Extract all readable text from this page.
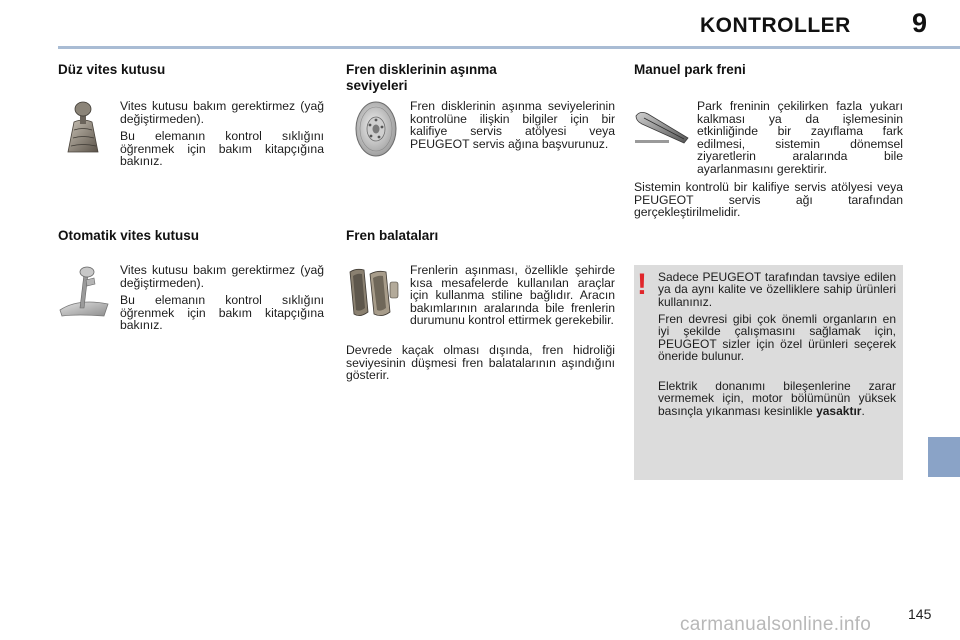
KONTROLLER 9
Düz vites kutusu

Vites kutusu bakım gerektirmez (yağ değiştirmeden).

Bu elemanın kontrol sıklığını öğrenmek için bakım kitapçığına bakınız.

Otomatik vites kutusu

Vites kutusu bakım gerektirmez (yağ değiştirmeden).

Bu elemanın kontrol sıklığını öğrenmek için bakım kitapçığına bakınız.

Fren disklerinin aşınma
seviyeleri

Fren disklerinin aşınma seviyelerinin kontrolüne ilişkin bilgiler için bir kalifiye servis atölyesi veya PEUGEOT servis ağına başvurunuz.

Fren balataları

Frenlerin aşınması, özellikle şehirde kısa mesafelerde kullanılan araçlar için kullanma stiline bağlıdır. Aracın bakımlarının aralarında bile frenlerin durumunu kontrol ettirmek gerekebilir.

Devrede kaçak olması dışında, fren hidroliği seviyesinin düşmesi fren balatalarının aşındığını gösterir.

Manuel park freni

Park freninin çekilirken fazla yukarı kalkması ya da işlemesinin etkinliğinde bir zayıflama fark edilmesi, sistemin dönemsel ziyaretlerin aralarında bile ayarlanmasını gerektirir.

Sistemin kontrolü bir kalifiye servis atölyesi veya PEUGEOT servis ağı tarafından gerçekleştirilmelidir.

! Sadece PEUGEOT tarafından tavsiye edilen ya da aynı kalite ve özelliklere sahip ürünleri kullanınız.

Fren devresi gibi çok önemli organların en iyi şekilde çalışmasını sağlamak için, PEUGEOT sizler için özel ürünleri seçerek öneride bulunur.

Elektrik donanımı bileşenlerine zarar vermemek için, motor bölümünün yüksek basınçla yıkanması kesinlikle yasaktır.

145
carmanualsonline.info
